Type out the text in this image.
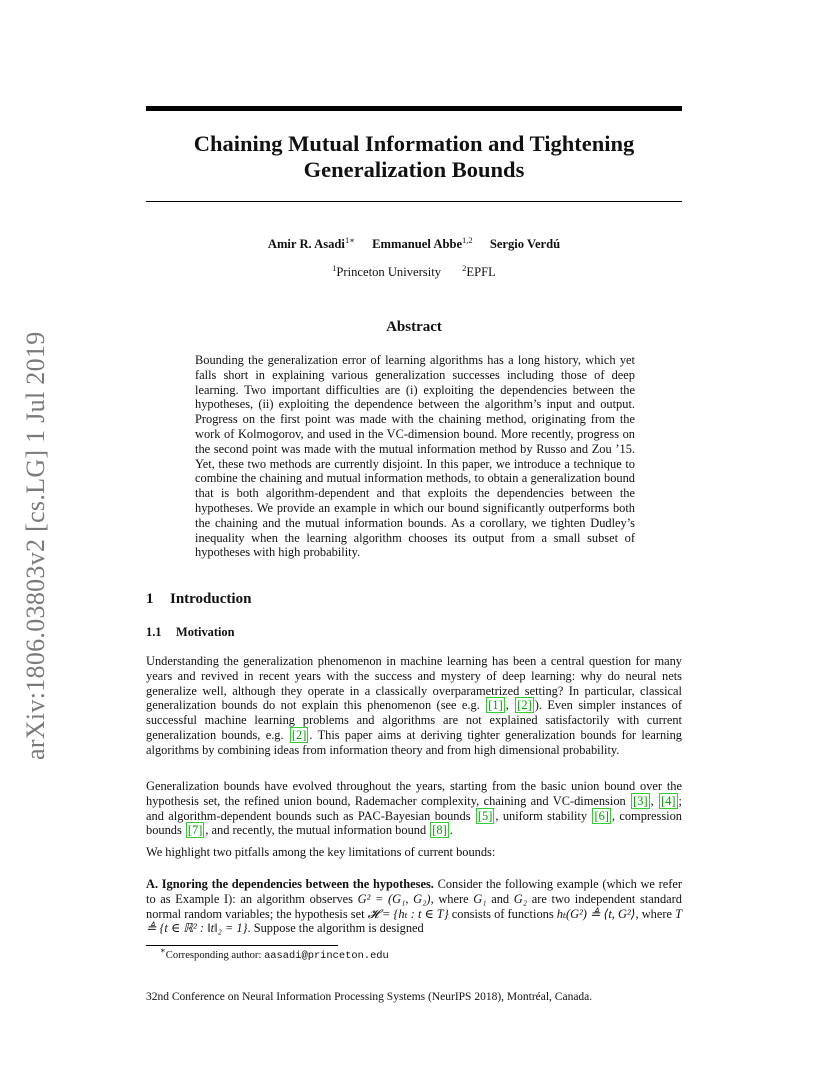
Chaining Mutual Information and Tightening Generalization Bounds
Amir R. Asadi$^{1∗}$ Emmanuel Abbe$^{1,2}$ Sergio Verdú
$^1$Princeton University $^2$EPFL
arXiv:1806.03803v2 [cs.LG] 1 Jul 2019
Abstract
Bounding the generalization error of learning algorithms has a long history, which yet falls short in explaining various generalization successes including those of deep learning. Two important difficulties are (i) exploiting the dependencies between the hypotheses, (ii) exploiting the dependence between the algorithm’s input and output. Progress on the first point was made with the chaining method, originating from the work of Kolmogorov, and used in the VC-dimension bound. More recently, progress on the second point was made with the mutual information method by Russo and Zou ’15. Yet, these two methods are currently disjoint. In this paper, we introduce a technique to combine the chaining and mutual information methods, to obtain a generalization bound that is both algorithm-dependent and that exploits the dependencies between the hypotheses. We provide an example in which our bound significantly outperforms both the chaining and the mutual information bounds. As a corollary, we tighten Dudley’s inequality when the learning algorithm chooses its output from a small subset of hypotheses with high probability.
1 Introduction
1.1 Motivation
Understanding the generalization phenomenon in machine learning has been a central question for many years and revived in recent years with the success and mystery of deep learning: why do neural nets generalize well, although they operate in a classically overparametrized setting? In particular, classical generalization bounds do not explain this phenomenon (see e.g. [1] , [2] ). Even simpler instances of successful machine learning problems and algorithms are not explained satisfactorily with current generalization bounds, e.g. [2] . This paper aims at deriving tighter generalization bounds for learning algorithms by combining ideas from information theory and from high dimensional probability.
Generalization bounds have evolved throughout the years, starting from the basic union bound over the hypothesis set, the refined union bound, Rademacher complexity, chaining and VC-dimension [3] , [4] ; and algorithm-dependent bounds such as PAC-Bayesian bounds [5] , uniform stability [6] , compression bounds [7] , and recently, the mutual information bound [8] .
We highlight two pitfalls among the key limitations of current bounds:
A. Ignoring the dependencies between the hypotheses. Consider the following example (which we refer to as Example I): an algorithm observes G² = (G₁, G₂), where G₁ and G₂ are two independent standard normal random variables; the hypothesis set 𝓗 = {hₜ : t ∈ T} consists of functions hₜ(G²) ≜ ⟨t, G²⟩, where T ≜ {t ∈ ℝ² : ‖t‖₂ = 1}. Suppose the algorithm is designed
∗Corresponding author: aasadi@princeton.edu
32nd Conference on Neural Information Processing Systems (NeurIPS 2018), Montréal, Canada.
